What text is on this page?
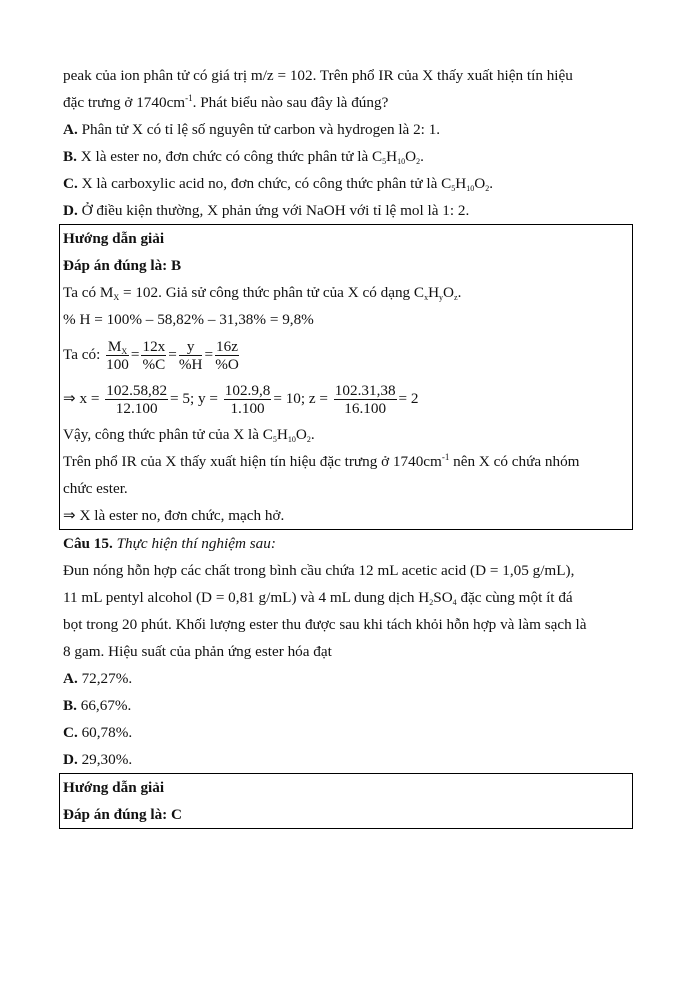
peak của ion phân tử có giá trị m/z = 102. Trên phổ IR của X thấy xuất hiện tín hiệu
đặc trưng ở $1740cm^{-1}$. Phát biểu nào sau đây là đúng?
A. Phân tử X có tỉ lệ số nguyên tử carbon và hydrogen là 2: 1.
B. X là ester no, đơn chức có công thức phân tử là $C_5H_{10}O_2$.
C. X là carboxylic acid no, đơn chức, có công thức phân tử là $C_5H_{10}O_2$.
D. Ở điều kiện thường, X phản ứng với NaOH với tỉ lệ mol là 1: 2.
Hướng dẫn giải
Đáp án đúng là: B
Ta có $M_X = 102$. Giả sử công thức phân tử của X có dạng $C_xH_yO_z$.
% H = 100% – 58,82% – 31,38% = 9,8%
Ta có: $\frac{M_X}{100} = \frac{12x}{\%C} = \frac{y}{\%H} = \frac{16z}{\%O}$
⇒ $x = \frac{102.58,82}{12.100} = 5$; $y = \frac{102.9,8}{1.100} = 10$; $z = \frac{102.31,38}{16.100} = 2$
Vậy, công thức phân tử của X là $C_5H_{10}O_2$.
Trên phổ IR của X thấy xuất hiện tín hiệu đặc trưng ở $1740cm^{-1}$ nên X có chứa nhóm
chức ester.
⇒ X là ester no, đơn chức, mạch hở.
Câu 15. Thực hiện thí nghiệm sau:
Đun nóng hỗn hợp các chất trong bình cầu chứa 12 mL acetic acid (D = 1,05 g/mL),
11 mL pentyl alcohol (D = 0,81 g/mL) và 4 mL dung dịch $H_2SO_4$ đặc cùng một ít đá
bọt trong 20 phút. Khối lượng ester thu được sau khi tách khỏi hỗn hợp và làm sạch là
8 gam. Hiệu suất của phản ứng ester hóa đạt
A. 72,27%.
B. 66,67%.
C. 60,78%.
D. 29,30%.
Hướng dẫn giải
Đáp án đúng là: C
